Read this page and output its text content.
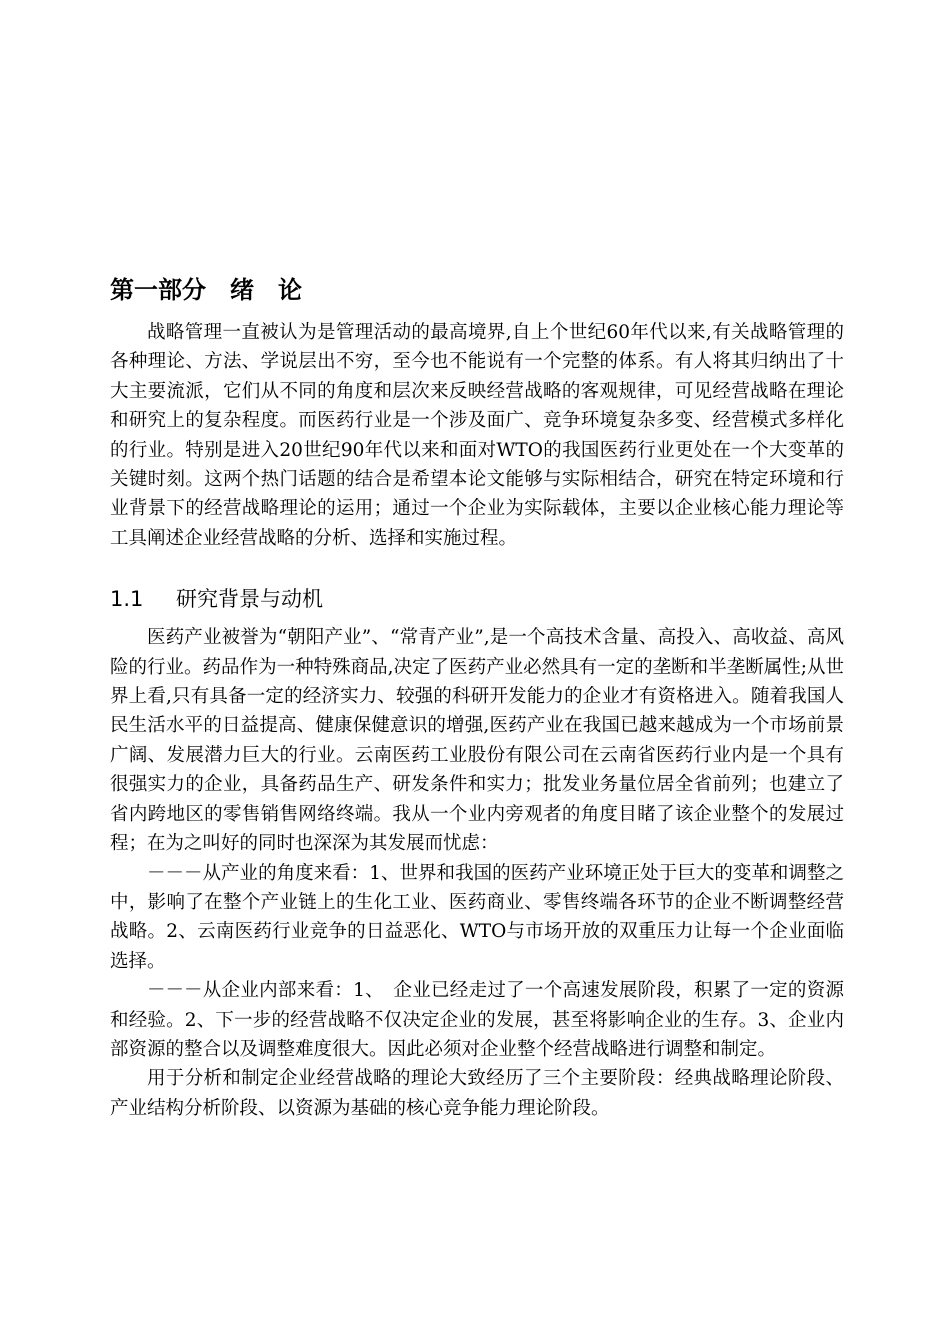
第一部分　绪　论

战略管理一直被认为是管理活动的最高境界,自上个世纪60年代以来,有关战略管理的各种理论、方法、学说层出不穷，至今也不能说有一个完整的体系。有人将其归纳出了十大主要流派，它们从不同的角度和层次来反映经营战略的客观规律，可见经营战略在理论和研究上的复杂程度。而医药行业是一个涉及面广、竞争环境复杂多变、经营模式多样化的行业。特别是进入20世纪90年代以来和面对WTO的我国医药行业更处在一个大变革的关键时刻。这两个热门话题的结合是希望本论文能够与实际相结合，研究在特定环境和行业背景下的经营战略理论的运用；通过一个企业为实际载体，主要以企业核心能力理论等工具阐述企业经营战略的分析、选择和实施过程。

1.1 研究背景与动机

医药产业被誉为“朝阳产业”、“常青产业”,是一个高技术含量、高投入、高收益、高风险的行业。药品作为一种特殊商品,决定了医药产业必然具有一定的垄断和半垄断属性;从世界上看,只有具备一定的经济实力、较强的科研开发能力的企业才有资格进入。随着我国人民生活水平的日益提高、健康保健意识的增强,医药产业在我国已越来越成为一个市场前景广阔、发展潜力巨大的行业。云南医药工业股份有限公司在云南省医药行业内是一个具有很强实力的企业，具备药品生产、研发条件和实力；批发业务量位居全省前列；也建立了省内跨地区的零售销售网络终端。我从一个业内旁观者的角度目睹了该企业整个的发展过程；在为之叫好的同时也深深为其发展而忧虑：

－－－从产业的角度来看：1、世界和我国的医药产业环境正处于巨大的变革和调整之中，影响了在整个产业链上的生化工业、医药商业、零售终端各环节的企业不断调整经营战略。2、云南医药行业竞争的日益恶化、WTO与市场开放的双重压力让每一个企业面临选择。

－－－从企业内部来看：1、　企业已经走过了一个高速发展阶段，积累了一定的资源和经验。2、下一步的经营战略不仅决定企业的发展，甚至将影响企业的生存。3、企业内部资源的整合以及调整难度很大。因此必须对企业整个经营战略进行调整和制定。

用于分析和制定企业经营战略的理论大致经历了三个主要阶段：经典战略理论阶段、产业结构分析阶段、以资源为基础的核心竞争能力理论阶段。
